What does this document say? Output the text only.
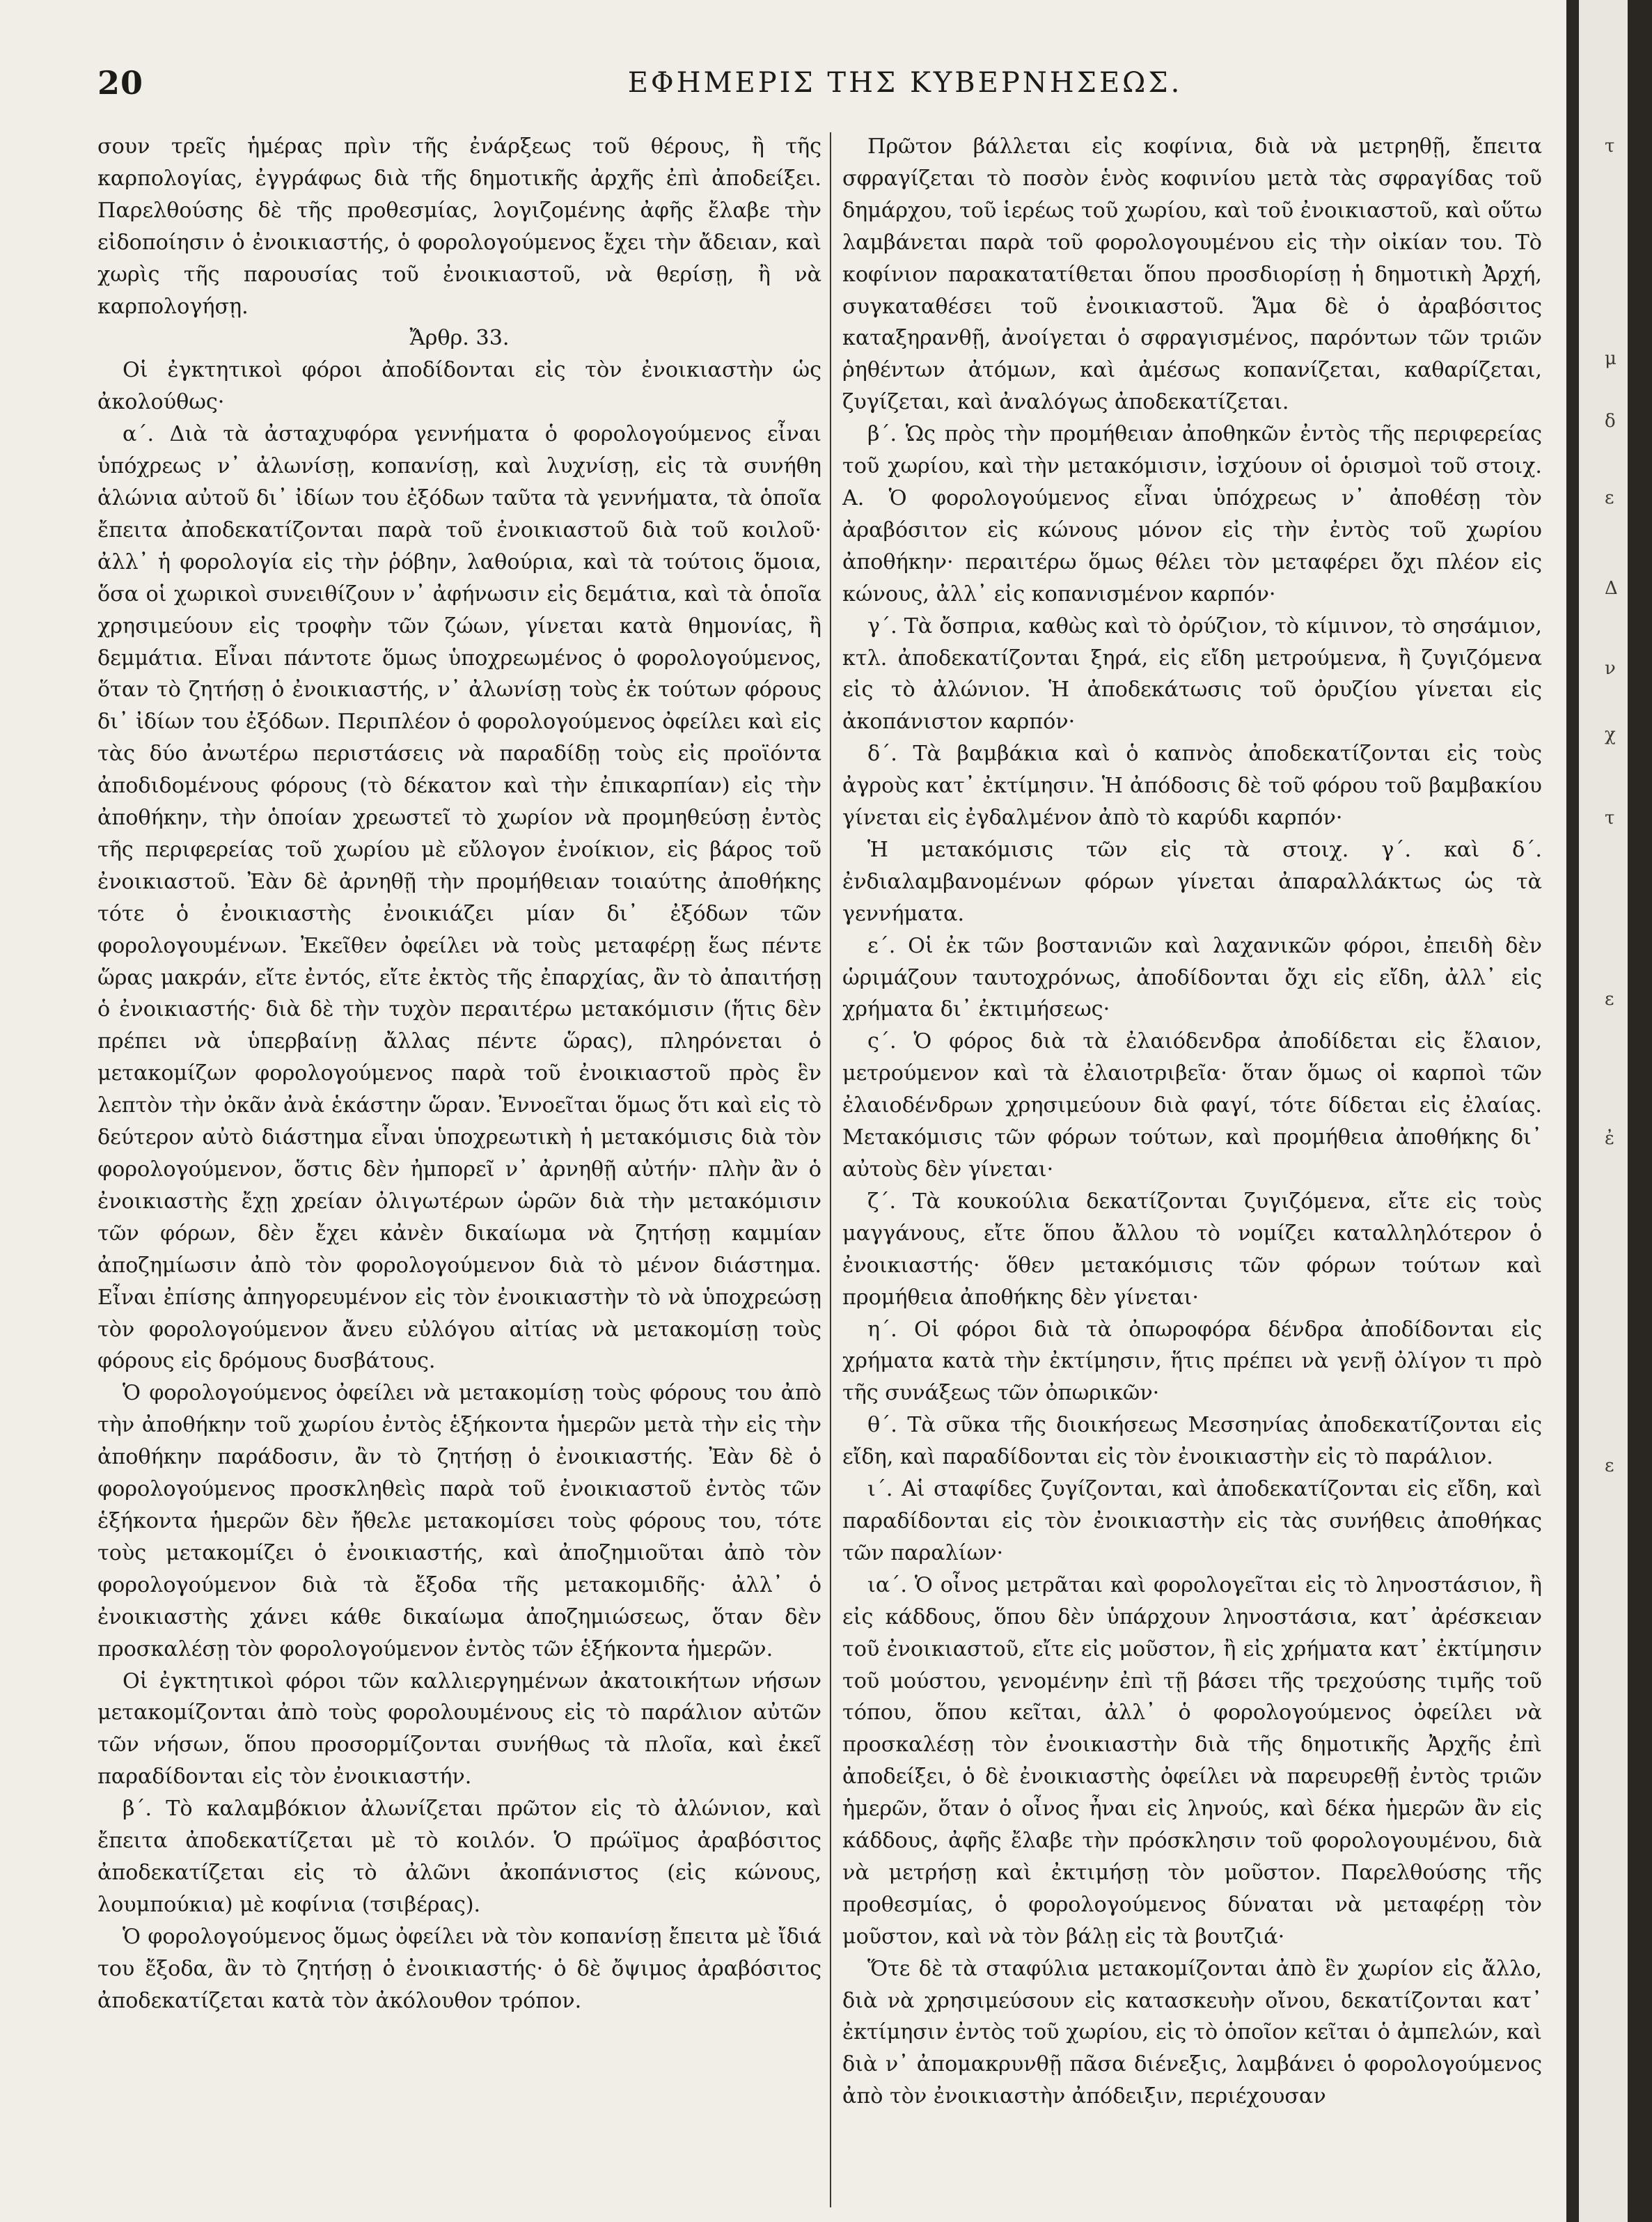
20	ΕΦΗΜΕΡΙΣ ΤΗΣ ΚΥΒΕΡΝΗΣΕΩΣ.

σουν τρεῖς ἡμέρας πρὶν τῆς ἐνάρξεως τοῦ θέρους, ἢ τῆς καρπολογίας, ἐγγράφως διὰ τῆς δημοτικῆς ἀρχῆς ἐπὶ ἀποδείξει. Παρελθούσης δὲ τῆς προθεσμίας, λογιζομένης ἀφῆς ἔλαβε τὴν εἰδοποίησιν ὁ ἐνοικιαστής, ὁ φορολογούμενος ἔχει τὴν ἄδειαν, καὶ χωρὶς τῆς παρουσίας τοῦ ἐνοικιαστοῦ, νὰ θερίσῃ, ἢ νὰ καρπολογήσῃ.

Ἄρθρ. 33.

Οἱ ἐγκτητικοὶ φόροι ἀποδίδονται εἰς τὸν ἐνοικιαστὴν ὡς ἀκολούθως·

α΄. Διὰ τὰ ἀσταχυφόρα γεννήματα ὁ φορολογούμενος εἶναι ὑπόχρεως ν᾿ ἀλωνίσῃ, κοπανίσῃ, καὶ λυχνίσῃ, εἰς τὰ συνήθη ἁλώνια αὐτοῦ δι᾿ ἰδίων του ἐξόδων ταῦτα τὰ γεννήματα, τὰ ὁποῖα ἔπειτα ἀποδεκατίζονται παρὰ τοῦ ἐνοικιαστοῦ διὰ τοῦ κοιλοῦ· ἀλλ᾿ ἡ φορολογία εἰς τὴν ῥόβην, λαθούρια, καὶ τὰ τούτοις ὅμοια, ὅσα οἱ χωρικοὶ συνειθίζουν ν᾿ ἀφήνωσιν εἰς δεμάτια, καὶ τὰ ὁποῖα χρησιμεύουν εἰς τροφὴν τῶν ζώων, γίνεται κατὰ θημονίας, ἢ δεμμάτια. Εἶναι πάντοτε ὅμως ὑποχρεωμένος ὁ φορολογούμενος, ὅταν τὸ ζητήσῃ ὁ ἐνοικιαστής, ν᾿ ἀλωνίσῃ τοὺς ἐκ τούτων φόρους δι᾿ ἰδίων του ἐξόδων. Περιπλέον ὁ φορολογούμενος ὀφείλει καὶ εἰς τὰς δύο ἀνωτέρω περιστάσεις νὰ παραδίδῃ τοὺς εἰς προϊόντα ἀποδιδομένους φόρους (τὸ δέκατον καὶ τὴν ἐπικαρπίαν) εἰς τὴν ἀποθήκην, τὴν ὁποίαν χρεωστεῖ τὸ χωρίον νὰ προμηθεύσῃ ἐντὸς τῆς περιφερείας τοῦ χωρίου μὲ εὔλογον ἐνοίκιον, εἰς βάρος τοῦ ἐνοικιαστοῦ. Ἐὰν δὲ ἀρνηθῇ τὴν προμήθειαν τοιαύτης ἀποθήκης τότε ὁ ἐνοικιαστὴς ἐνοικιάζει μίαν δι᾿ ἐξόδων τῶν φορολογουμένων. Ἐκεῖθεν ὀφείλει νὰ τοὺς μεταφέρῃ ἕως πέντε ὥρας μακράν, εἴτε ἐντός, εἴτε ἐκτὸς τῆς ἐπαρχίας, ἂν τὸ ἀπαιτήσῃ ὁ ἐνοικιαστής· διὰ δὲ τὴν τυχὸν περαιτέρω μετακόμισιν (ἥτις δὲν πρέπει νὰ ὑπερβαίνῃ ἄλλας πέντε ὥρας), πληρόνεται ὁ μετακομίζων φορολογούμενος παρὰ τοῦ ἐνοικιαστοῦ πρὸς ἓν λεπτὸν τὴν ὀκᾶν ἀνὰ ἑκάστην ὥραν. Ἐννοεῖται ὅμως ὅτι καὶ εἰς τὸ δεύτερον αὐτὸ διάστημα εἶναι ὑποχρεωτικὴ ἡ μετακόμισις διὰ τὸν φορολογούμενον, ὅστις δὲν ἠμπορεῖ ν᾿ ἀρνηθῇ αὐτήν· πλὴν ἂν ὁ ἐνοικιαστὴς ἔχῃ χρείαν ὀλιγωτέρων ὡρῶν διὰ τὴν μετακόμισιν τῶν φόρων, δὲν ἔχει κἀνὲν δικαίωμα νὰ ζητήσῃ καμμίαν ἀποζημίωσιν ἀπὸ τὸν φορολογούμενον διὰ τὸ μένον διάστημα. Εἶναι ἐπίσης ἀπηγορευμένον εἰς τὸν ἐνοικιαστὴν τὸ νὰ ὑποχρεώσῃ τὸν φορολογούμενον ἄνευ εὐλόγου αἰτίας νὰ μετακομίσῃ τοὺς φόρους εἰς δρόμους δυσβάτους.

Ὁ φορολογούμενος ὀφείλει νὰ μετακομίσῃ τοὺς φόρους του ἀπὸ τὴν ἀποθήκην τοῦ χωρίου ἐντὸς ἑξήκοντα ἡμερῶν μετὰ τὴν εἰς τὴν ἀποθήκην παράδοσιν, ἂν τὸ ζητήσῃ ὁ ἐνοικιαστής. Ἐὰν δὲ ὁ φορολογούμενος προσκληθεὶς παρὰ τοῦ ἐνοικιαστοῦ ἐντὸς τῶν ἑξήκοντα ἡμερῶν δὲν ἤθελε μετακομίσει τοὺς φόρους του, τότε τοὺς μετακομίζει ὁ ἐνοικιαστής, καὶ ἀποζημιοῦται ἀπὸ τὸν φορολογούμενον διὰ τὰ ἔξοδα τῆς μετακομιδῆς· ἀλλ᾿ ὁ ἐνοικιαστὴς χάνει κάθε δικαίωμα ἀποζημιώσεως, ὅταν δὲν προσκαλέσῃ τὸν φορολογούμενον ἐντὸς τῶν ἑξήκοντα ἡμερῶν.

Οἱ ἐγκτητικοὶ φόροι τῶν καλλιεργημένων ἀκατοικήτων νήσων μετακομίζονται ἀπὸ τοὺς φορολουμένους εἰς τὸ παράλιον αὐτῶν τῶν νήσων, ὅπου προσορμίζονται συνήθως τὰ πλοῖα, καὶ ἐκεῖ παραδίδονται εἰς τὸν ἐνοικιαστήν.

β΄. Τὸ καλαμβόκιον ἀλωνίζεται πρῶτον εἰς τὸ ἀλώνιον, καὶ ἔπειτα ἀποδεκατίζεται μὲ τὸ κοιλόν. Ὁ πρώϊμος ἀραβόσιτος ἀποδεκατίζεται εἰς τὸ ἀλῶνι ἀκοπάνιστος (εἰς κώνους, λουμπούκια) μὲ κοφίνια (τσιβέρας).

Ὁ φορολογούμενος ὅμως ὀφείλει νὰ τὸν κοπανίσῃ ἔπειτα μὲ ἴδιά του ἔξοδα, ἂν τὸ ζητήσῃ ὁ ἐνοικιαστής· ὁ δὲ ὄψιμος ἀραβόσιτος ἀποδεκατίζεται κατὰ τὸν ἀκόλουθον τρόπον.

Πρῶτον βάλλεται εἰς κοφίνια, διὰ νὰ μετρηθῇ, ἔπειτα σφραγίζεται τὸ ποσὸν ἑνὸς κοφινίου μετὰ τὰς σφραγίδας τοῦ δημάρχου, τοῦ ἱερέως τοῦ χωρίου, καὶ τοῦ ἐνοικιαστοῦ, καὶ οὕτω λαμβάνεται παρὰ τοῦ φορολογουμένου εἰς τὴν οἰκίαν του. Τὸ κοφίνιον παρακατατίθεται ὅπου προσδιορίσῃ ἡ δημοτικὴ Ἀρχή, συγκαταθέσει τοῦ ἐνοικιαστοῦ. Ἅμα δὲ ὁ ἀραβόσιτος καταξηρανθῇ, ἀνοίγεται ὁ σφραγισμένος, παρόντων τῶν τριῶν ῥηθέντων ἀτόμων, καὶ ἀμέσως κοπανίζεται, καθαρίζεται, ζυγίζεται, καὶ ἀναλόγως ἀποδεκατίζεται.

β΄. Ὡς πρὸς τὴν προμήθειαν ἀποθηκῶν ἐντὸς τῆς περιφερείας τοῦ χωρίου, καὶ τὴν μετακόμισιν, ἰσχύουν οἱ ὁρισμοὶ τοῦ στοιχ. Α. Ὁ φορολογούμενος εἶναι ὑπόχρεως ν᾿ ἀποθέσῃ τὸν ἀραβόσιτον εἰς κώνους μόνον εἰς τὴν ἐντὸς τοῦ χωρίου ἀποθήκην· περαιτέρω ὅμως θέλει τὸν μεταφέρει ὄχι πλέον εἰς κώνους, ἀλλ᾿ εἰς κοπανισμένον καρπόν·

γ΄. Τὰ ὄσπρια, καθὼς καὶ τὸ ὀρύζιον, τὸ κίμινον, τὸ σησάμιον, κτλ. ἀποδεκατίζονται ξηρά, εἰς εἴδη μετρούμενα, ἢ ζυγιζόμενα εἰς τὸ ἀλώνιον. Ἡ ἀποδεκάτωσις τοῦ ὀρυζίου γίνεται εἰς ἀκοπάνιστον καρπόν·

δ΄. Τὰ βαμβάκια καὶ ὁ καπνὸς ἀποδεκατίζονται εἰς τοὺς ἀγροὺς κατ᾿ ἐκτίμησιν. Ἡ ἀπόδοσις δὲ τοῦ φόρου τοῦ βαμβακίου γίνεται εἰς ἐγδαλμένον ἀπὸ τὸ καρύδι καρπόν·

Ἡ μετακόμισις τῶν εἰς τὰ στοιχ. γ΄. καὶ δ΄. ἐνδιαλαμβανομένων φόρων γίνεται ἀπαραλλάκτως ὡς τὰ γεννήματα.

ε΄. Οἱ ἐκ τῶν βοστανιῶν καὶ λαχανικῶν φόροι, ἐπειδὴ δὲν ὡριμάζουν ταυτοχρόνως, ἀποδίδονται ὄχι εἰς εἴδη, ἀλλ᾿ εἰς χρήματα δι᾿ ἐκτιμήσεως·

ς΄. Ὁ φόρος διὰ τὰ ἐλαιόδενδρα ἀποδίδεται εἰς ἔλαιον, μετρούμενον καὶ τὰ ἐλαιοτριβεῖα· ὅταν ὅμως οἱ καρποὶ τῶν ἐλαιοδένδρων χρησιμεύουν διὰ φαγί, τότε δίδεται εἰς ἐλαίας. Μετακόμισις τῶν φόρων τούτων, καὶ προμήθεια ἀποθήκης δι᾿ αὐτοὺς δὲν γίνεται·

ζ΄. Τὰ κουκούλια δεκατίζονται ζυγιζόμενα, εἴτε εἰς τοὺς μαγγάνους, εἴτε ὅπου ἄλλου τὸ νομίζει καταλληλότερον ὁ ἐνοικιαστής· ὅθεν μετακόμισις τῶν φόρων τούτων καὶ προμήθεια ἀποθήκης δὲν γίνεται·

η΄. Οἱ φόροι διὰ τὰ ὀπωροφόρα δένδρα ἀποδίδονται εἰς χρήματα κατὰ τὴν ἐκτίμησιν, ἥτις πρέπει νὰ γενῇ ὀλίγον τι πρὸ τῆς συνάξεως τῶν ὀπωρικῶν·

θ΄. Τὰ σῦκα τῆς διοικήσεως Μεσσηνίας ἀποδεκατίζονται εἰς εἴδη, καὶ παραδίδονται εἰς τὸν ἐνοικιαστὴν εἰς τὸ παράλιον.

ι΄. Αἱ σταφίδες ζυγίζονται, καὶ ἀποδεκατίζονται εἰς εἴδη, καὶ παραδίδονται εἰς τὸν ἐνοικιαστὴν εἰς τὰς συνήθεις ἀποθήκας τῶν παραλίων·

ια΄. Ὁ οἶνος μετρᾶται καὶ φορολογεῖται εἰς τὸ ληνοστάσιον, ἢ εἰς κάδδους, ὅπου δὲν ὑπάρχουν ληνοστάσια, κατ᾿ ἀρέσκειαν τοῦ ἐνοικιαστοῦ, εἴτε εἰς μοῦστον, ἢ εἰς χρήματα κατ᾿ ἐκτίμησιν τοῦ μούστου, γενομένην ἐπὶ τῇ βάσει τῆς τρεχούσης τιμῆς τοῦ τόπου, ὅπου κεῖται, ἀλλ᾿ ὁ φορολογούμενος ὀφείλει νὰ προσκαλέσῃ τὸν ἐνοικιαστὴν διὰ τῆς δημοτικῆς Ἀρχῆς ἐπὶ ἀποδείξει, ὁ δὲ ἐνοικιαστὴς ὀφείλει νὰ παρευρεθῇ ἐντὸς τριῶν ἡμερῶν, ὅταν ὁ οἶνος ἦναι εἰς ληνούς, καὶ δέκα ἡμερῶν ἂν εἰς κάδδους, ἀφῆς ἔλαβε τὴν πρόσκλησιν τοῦ φορολογουμένου, διὰ νὰ μετρήσῃ καὶ ἐκτιμήσῃ τὸν μοῦστον. Παρελθούσης τῆς προθεσμίας, ὁ φορολογούμενος δύναται νὰ μεταφέρῃ τὸν μοῦστον, καὶ νὰ τὸν βάλῃ εἰς τὰ βουτζιά·

Ὅτε δὲ τὰ σταφύλια μετακομίζονται ἀπὸ ἓν χωρίον εἰς ἄλλο, διὰ νὰ χρησιμεύσουν εἰς κατασκευὴν οἴνου, δεκατίζονται κατ᾿ ἐκτίμησιν ἐντὸς τοῦ χωρίου, εἰς τὸ ὁποῖον κεῖται ὁ ἀμπελών, καὶ διὰ ν᾿ ἀπομακρυνθῇ πᾶσα διένεξις, λαμβάνει ὁ φορολογούμενος ἀπὸ τὸν ἐνοικιαστὴν ἀπόδειξιν, περιέχουσαν

τ
μ
δ
ε
Δ
ν
χ
τ
ε
ἐ
ε
